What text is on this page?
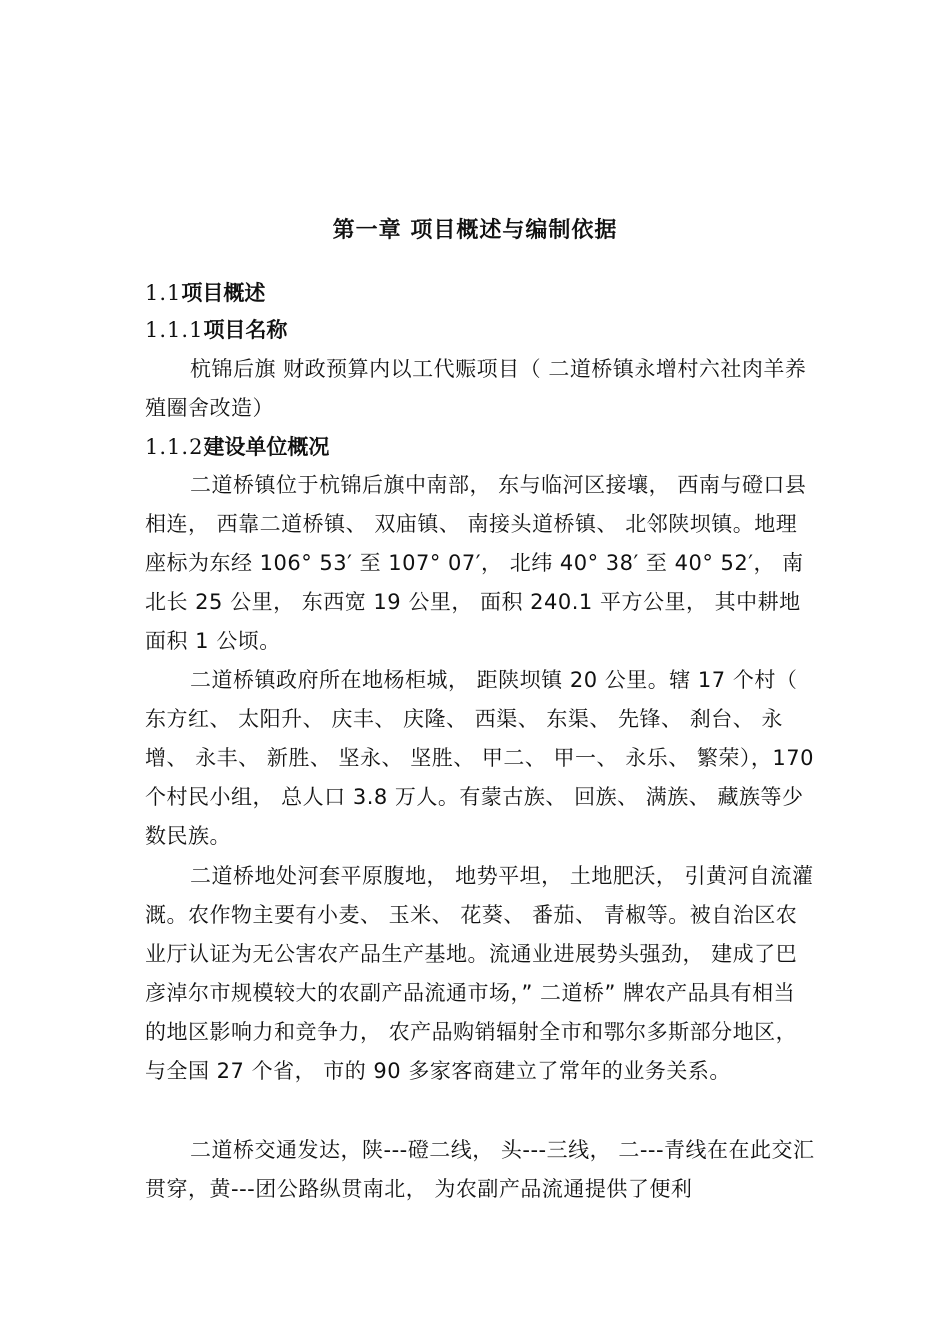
第一章 项目概述与编制依据
1.1项目概述
1.1.1项目名称
杭锦后旗 财政预算内以工代赈项目（ 二道桥镇永增村六社肉羊养殖圈舍改造）
1.1.2建设单位概况
二道桥镇位于杭锦后旗中南部， 东与临河区接壤， 西南与磴口县相连， 西靠二道桥镇、 双庙镇、 南接头道桥镇、 北邻陕坝镇。地理座标为东经 106° 53′ 至 107° 07′， 北纬 40° 38′ 至 40° 52′， 南北长 25 公里， 东西宽 19 公里， 面积 240.1 平方公里， 其中耕地面积 1 公顷。
二道桥镇政府所在地杨柜城， 距陕坝镇 20 公里。辖 17 个村（ 东方红、 太阳升、 庆丰、 庆隆、 西渠、 东渠、 先锋、 刹台、 永增、 永丰、 新胜、 坚永、 坚胜、 甲二、 甲一、 永乐、 繁荣），170 个村民小组， 总人口 3.8 万人。有蒙古族、 回族、 满族、 藏族等少数民族。
二道桥地处河套平原腹地， 地势平坦， 土地肥沃， 引黄河自流灌溉。农作物主要有小麦、 玉米、 花葵、 番茄、 青椒等。被自治区农业厅认证为无公害农产品生产基地。流通业进展势头强劲， 建成了巴彦淖尔市规模较大的农副产品流通市场，” 二道桥” 牌农产品具有相当的地区影响力和竞争力， 农产品购销辐射全市和鄂尔多斯部分地区， 与全国 27 个省， 市的 90 多家客商建立了常年的业务关系。
二道桥交通发达，陕---磴二线， 头---三线， 二---青线在在此交汇贯穿，黄---团公路纵贯南北， 为农副产品流通提供了便利
